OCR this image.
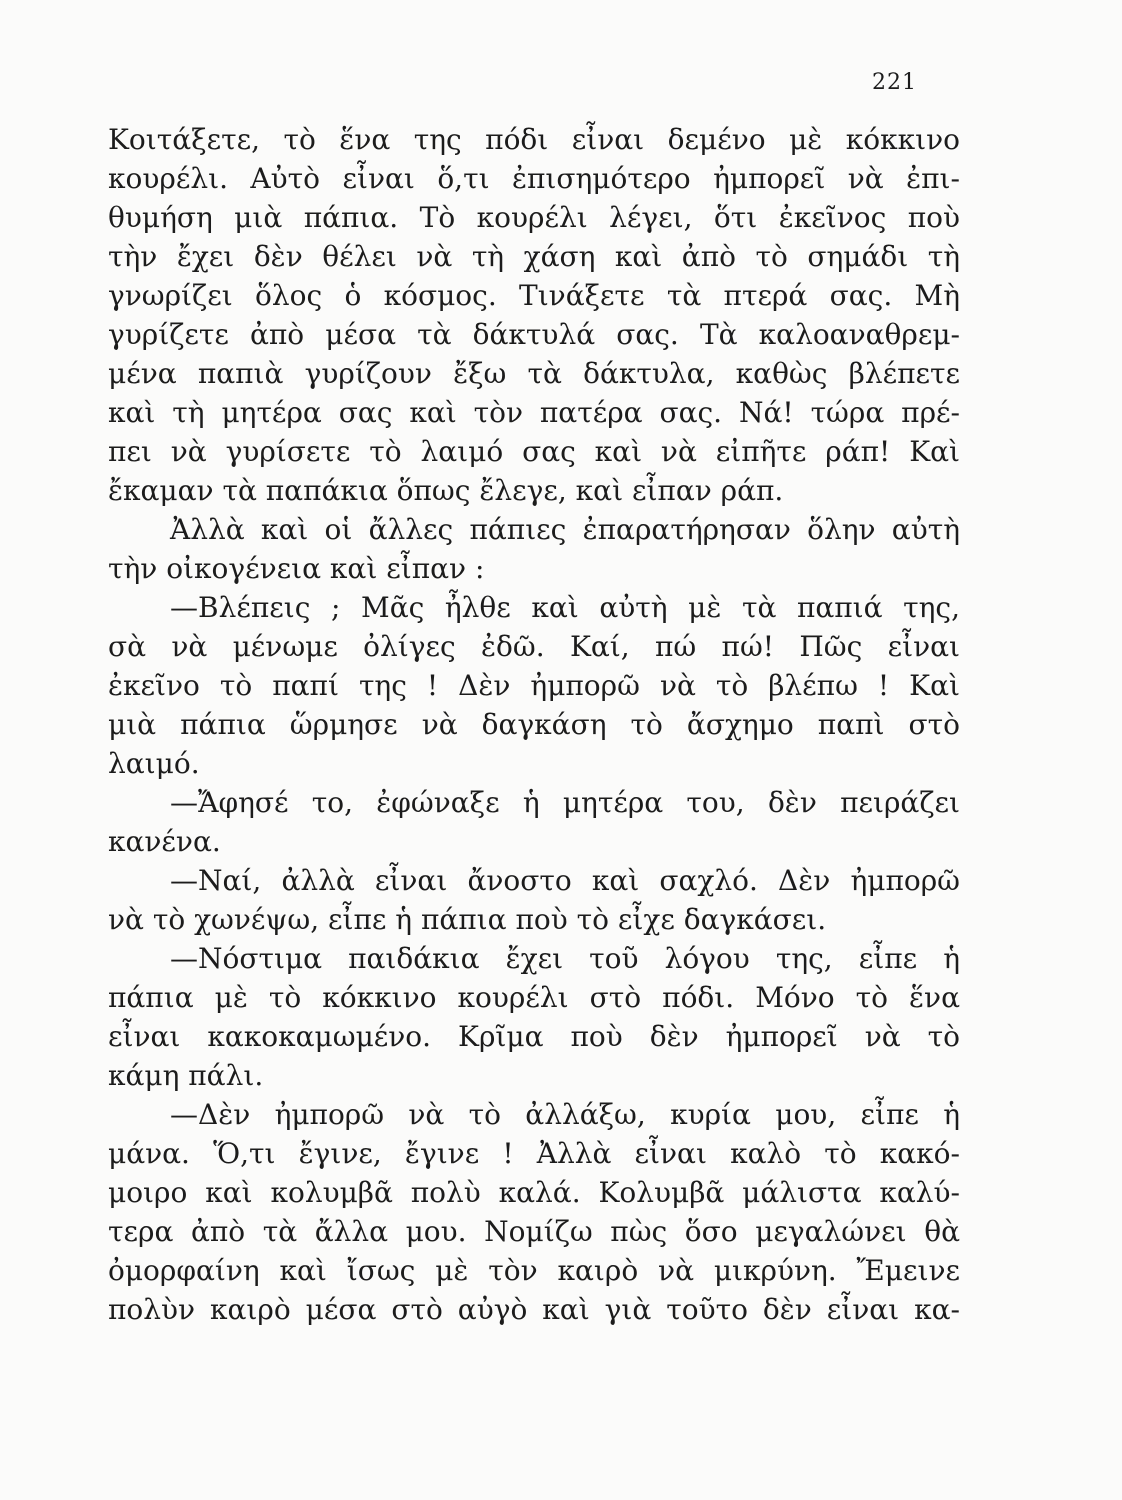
221
Κοιτάξετε, τὸ ἕνα της πόδι εἶναι δεμένο μὲ κόκκινο
κουρέλι. Αὐτὸ εἶναι ὅ,τι ἐπισημότερο ἠμπορεῖ νὰ ἐπι-
θυμήση μιὰ πάπια. Τὸ κουρέλι λέγει, ὅτι ἐκεῖνος ποὺ
τὴν ἔχει δὲν θέλει νὰ τὴ χάση καὶ ἀπὸ τὸ σημάδι τὴ
γνωρίζει ὅλος ὁ κόσμος. Τινάξετε τὰ πτερά σας. Μὴ
γυρίζετε ἀπὸ μέσα τὰ δάκτυλά σας. Τὰ καλοαναθρεμ-
μένα παπιὰ γυρίζουν ἔξω τὰ δάκτυλα, καθὼς βλέπετε
καὶ τὴ μητέρα σας καὶ τὸν πατέρα σας. Νά! τώρα πρέ-
πει νὰ γυρίσετε τὸ λαιμό σας καὶ νὰ εἰπῆτε ράπ! Καὶ
ἔκαμαν τὰ παπάκια ὅπως ἔλεγε, καὶ εἶπαν ράπ.
Ἀλλὰ καὶ οἱ ἄλλες πάπιες ἐπαρατήρησαν ὅλην αὐτὴ
τὴν οἰκογένεια καὶ εἶπαν :
—Βλέπεις ; Μᾶς ἦλθε καὶ αὐτὴ μὲ τὰ παπιά της,
σὰ νὰ μένωμε ὀλίγες ἐδῶ. Καί, πώ πώ! Πῶς εἶναι
ἐκεῖνο τὸ παπί της ! Δὲν ἠμπορῶ νὰ τὸ βλέπω ! Καὶ
μιὰ πάπια ὥρμησε νὰ δαγκάση τὸ ἄσχημο παπὶ στὸ
λαιμό.
—Ἄφησέ το, ἐφώναξε ἡ μητέρα του, δὲν πειράζει
κανένα.
—Ναί, ἀλλὰ εἶναι ἄνοστο καὶ σαχλό. Δὲν ἠμπορῶ
νὰ τὸ χωνέψω, εἶπε ἡ πάπια ποὺ τὸ εἶχε δαγκάσει.
—Νόστιμα παιδάκια ἔχει τοῦ λόγου της, εἶπε ἡ
πάπια μὲ τὸ κόκκινο κουρέλι στὸ πόδι. Μόνο τὸ ἕνα
εἶναι κακοκαμωμένο. Κρῖμα ποὺ δὲν ἠμπορεῖ νὰ τὸ
κάμη πάλι.
—Δὲν ἠμπορῶ νὰ τὸ ἀλλάξω, κυρία μου, εἶπε ἡ
μάνα. Ὅ,τι ἔγινε, ἔγινε ! Ἀλλὰ εἶναι καλὸ τὸ κακό-
μοιρο καὶ κολυμβᾶ πολὺ καλά. Κολυμβᾶ μάλιστα καλύ-
τερα ἀπὸ τὰ ἄλλα μου. Νομίζω πὼς ὅσο μεγαλώνει θὰ
ὀμορφαίνη καὶ ἴσως μὲ τὸν καιρὸ νὰ μικρύνη. Ἔμεινε
πολὺν καιρὸ μέσα στὸ αὐγὸ καὶ γιὰ τοῦτο δὲν εἶναι κα-
